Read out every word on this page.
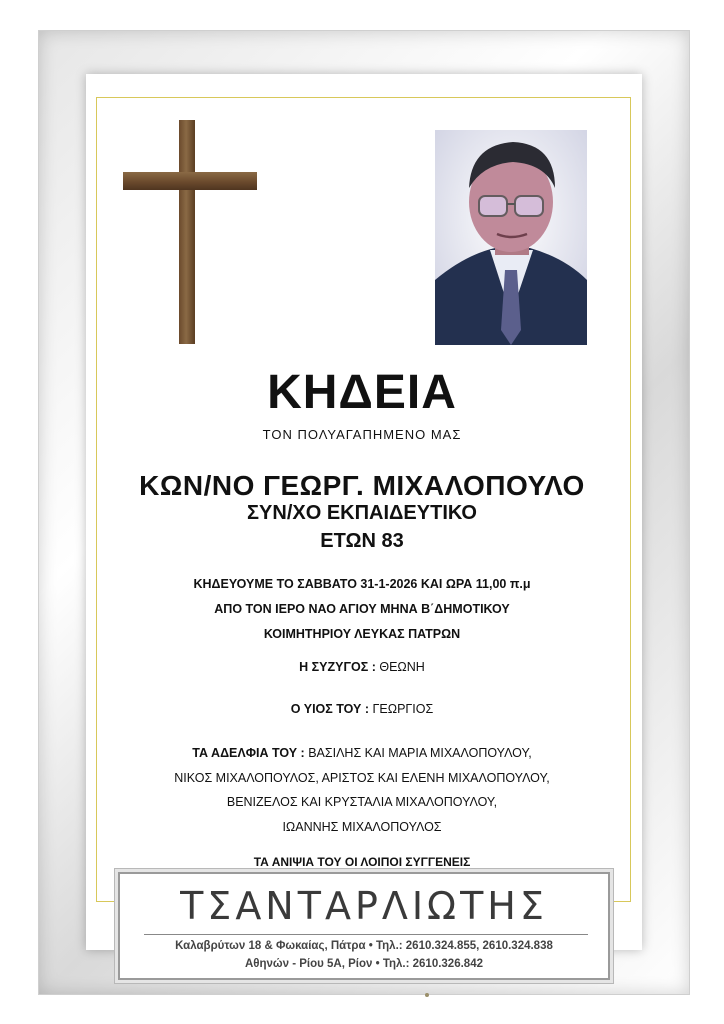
ΚΗΔΕΙΑ
ΤΟΝ ΠΟΛΥΑΓΑΠΗΜΕΝΟ ΜΑΣ
ΚΩΝ/ΝΟ ΓΕΩΡΓ. ΜΙΧΑΛΟΠΟΥΛΟ
ΣΥΝ/ΧΟ ΕΚΠΑΙΔΕΥΤΙΚΟ
ΕΤΩΝ 83
ΚΗΔΕΥΟΥΜΕ ΤΟ ΣΑΒΒΑΤΟ 31-1-2026 ΚΑΙ ΩΡΑ 11,00 π.μ
ΑΠΟ ΤΟΝ ΙΕΡΟ ΝΑΟ ΑΓΙΟΥ ΜΗΝΑ Β΄ΔΗΜΟΤΙΚΟΥ
ΚΟΙΜΗΤΗΡΙΟΥ ΛΕΥΚΑΣ ΠΑΤΡΩΝ
Η ΣΥΖΥΓΟΣ : ΘΕΩΝΗ
Ο ΥΙΟΣ ΤΟΥ : ΓΕΩΡΓΙΟΣ
ΤΑ ΑΔΕΛΦΙΑ ΤΟΥ : ΒΑΣΙΛΗΣ ΚΑΙ ΜΑΡΙΑ ΜΙΧΑΛΟΠΟΥΛΟΥ,
ΝΙΚΟΣ ΜΙΧΑΛΟΠΟΥΛΟΣ, ΑΡΙΣΤΟΣ ΚΑΙ ΕΛΕΝΗ ΜΙΧΑΛΟΠΟΥΛΟΥ,
ΒΕΝΙΖΕΛΟΣ ΚΑΙ ΚΡΥΣΤΑΛΙΑ ΜΙΧΑΛΟΠΟΥΛΟΥ,
ΙΩΑΝΝΗΣ ΜΙΧΑΛΟΠΟΥΛΟΣ
ΤΑ ΑΝΙΨΙΑ ΤΟΥ ΟΙ ΛΟΙΠΟΙ ΣΥΓΓΕΝΕΙΣ
ΤΣΑΝΤΑΡΛΙΩΤΗΣ
Καλαβρύτων 18 & Φωκαίας, Πάτρα • Τηλ.: 2610.324.855, 2610.324.838
Αθηνών - Ρίου 5Α, Ρίον • Τηλ.: 2610.326.842
